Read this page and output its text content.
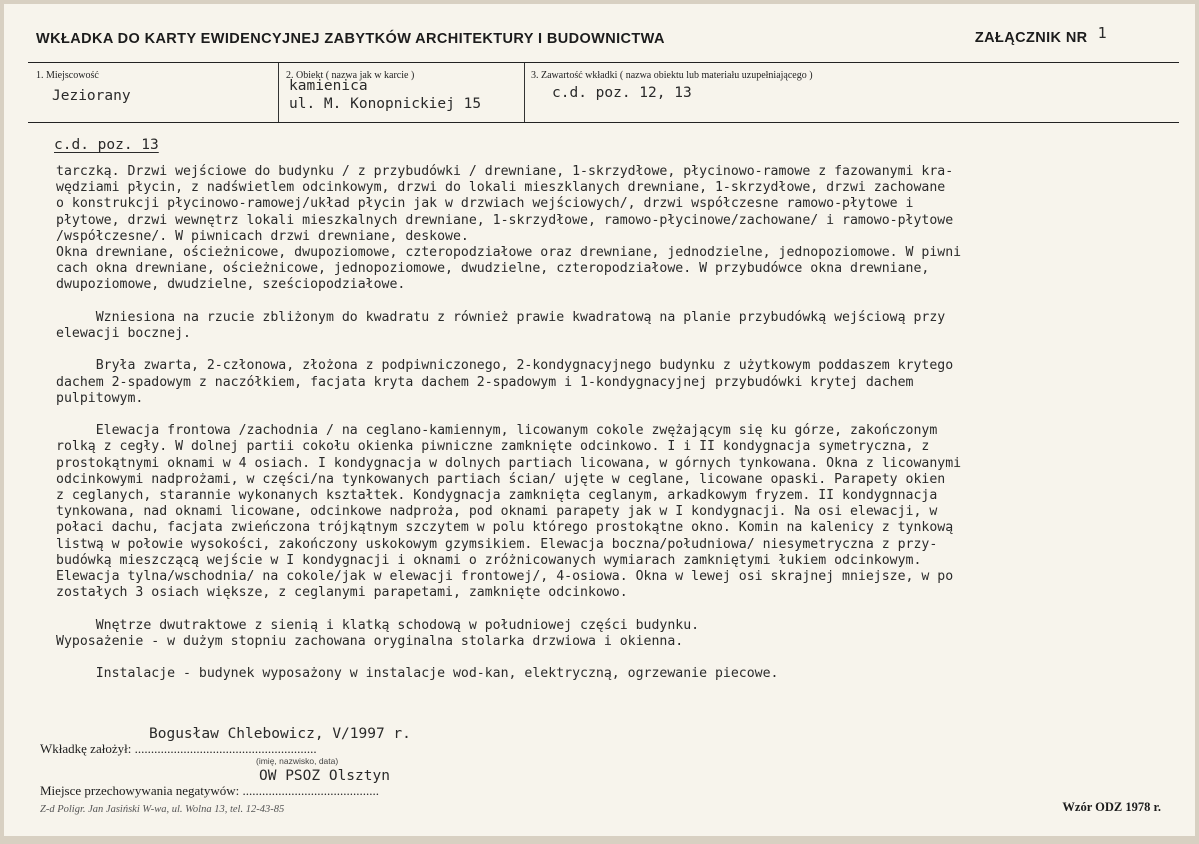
WKŁADKA DO KARTY EWIDENCYJNEJ ZABYTKÓW ARCHITEKTURY I BUDOWNICTWA	ZAŁĄCZNIK NR 1
1. Miejscowość
Jeziorany
2. Obiekt ( nazwa jak w karcie )
kamienica
ul. M. Konopnickiej 15
3. Zawartość wkładki ( nazwa obiektu lub materiału uzupełniającego )
c.d. poz. 12, 13
c.d. poz. 13
tarczką. Drzwi wejściowe do budynku / z przybudówki / drewniane, 1-skrzydłowe, płycinowo-ramowe z fazowanymi kra-
wędziami płycin, z nadświetlem odcinkowym, drzwi do lokali mieszklanych drewniane, 1-skrzydłowe, drzwi zachowane
o konstrukcji płycinowo-ramowej/układ płycin jak w drzwiach wejściowych/, drzwi współczesne ramowo-płytowe i
płytowe, drzwi wewnętrz lokali mieszkalnych drewniane, 1-skrzydłowe, ramowo-płycinowe/zachowane/ i ramowo-płytowe
/współczesne/. W piwnicach drzwi drewniane, deskowe.
Okna drewniane, ościeżnicowe, dwupoziomowe, czteropodziałowe oraz drewniane, jednodzielne, jednopoziomowe. W piwni
cach okna drewniane, ościeżnicowe, jednopoziomowe, dwudzielne, czteropodziałowe. W przybudówce okna drewniane,
dwupoziomowe, dwudzielne, sześciopodziałowe.

Wzniesiona na rzucie zbliżonym do kwadratu z również prawie kwadratową na planie przybudówką wejściową przy
elewacji bocznej.

Bryła zwarta, 2-członowa, złożona z podpiwniczonego, 2-kondygnacyjnego budynku z użytkowym poddaszem krytego
dachem 2-spadowym z naczółkiem, facjata kryta dachem 2-spadowym i 1-kondygnacyjnej przybudówki krytej dachem
pulpitowym.

Elewacja frontowa /zachodnia / na ceglano-kamiennym, licowanym cokole zwężającym się ku górze, zakończonym
rolką z cegły. W dolnej partii cokołu okienka piwniczne zamknięte odcinkowo. I i II kondygnacja symetryczna, z
prostokątnymi oknami w 4 osiach. I kondygnacja w dolnych partiach licowana, w górnych tynkowana. Okna z licowanymi
odcinkowymi nadprożami, w części/na tynkowanych partiach ścian/ ujęte w ceglane, licowane opaski. Parapety okien
z ceglanych, starannie wykonanych kształtek. Kondygnacja zamknięta ceglanym, arkadkowym fryzem. II kondygnnacja
tynkowana, nad oknami licowane, odcinkowe nadproża, pod oknami parapety jak w I kondygnacji. Na osi elewacji, w
połaci dachu, facjata zwieńczona trójkątnym szczytem w polu którego prostokątne okno. Komin na kalenicy z tynkową
listwą w połowie wysokości, zakończony uskokowym gzymsikiem. Elewacja boczna/południowa/ niesymetryczna z przy-
budówką mieszczącą wejście w I kondygnacji i oknami o zróżnicowanych wymiarach zamkniętymi łukiem odcinkowym.
Elewacja tylna/wschodnia/ na cokole/jak w elewacji frontowej/, 4-osiowa. Okna w lewej osi skrajnej mniejsze, w po
zostałych 3 osiach większe, z ceglanymi parapetami, zamknięte odcinkowo.

Wnętrze dwutraktowe z sienią i klatką schodową w południowej części budynku.
Wyposażenie - w dużym stopniu zachowana oryginalna stolarka drzwiowa i okienna.

Instalacje - budynek wyposażony w instalacje wod-kan, elektryczną, ogrzewanie piecowe.
Bogusław Chlebowicz, V/1997 r.
Wkładkę założył: ........................................................
(imię, nazwisko, data)
OW PSOZ Olsztyn
Miejsce przechowywania negatywów: ..........................................
Z-d Poligr. Jan Jasiński W-wa, ul. Wolna 13, tel. 12-43-85	Wzór ODZ 1978 r.
